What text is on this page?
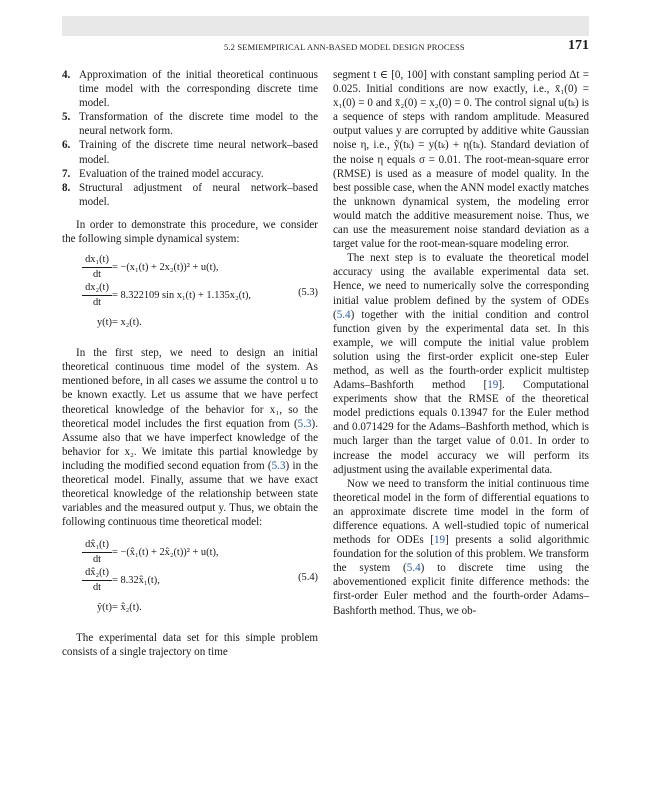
5.2 SEMIEMPIRICAL ANN-BASED MODEL DESIGN PROCESS	171
4. Approximation of the initial theoretical continuous time model with the corresponding discrete time model.
5. Transformation of the discrete time model to the neural network form.
6. Training of the discrete time neural network–based model.
7. Evaluation of the trained model accuracy.
8. Structural adjustment of neural network–based model.

In order to demonstrate this procedure, we consider the following simple dynamical system:

$\frac{\text{dx₁(t)}}{dt} = -(x_1(t) + 2x_2(t))^2 + u(t)$,
$\frac{\text{dx₂(t)}}{dt} = 8.322109$ sin x₁(t) + 1.135x₂(t),
y(t) = x₂(t).
(5.3)

In the first step, we need to design an initial theoretical continuous time model of the system. As mentioned before, in all cases we assume the control u to be known exactly. Let us assume that we have perfect theoretical knowledge of the behavior for x₁, so the theoretical model includes the first equation from (5.3). Assume also that we have imperfect knowledge of the behavior for x₂. We imitate this partial knowledge by including the modified second equation from (5.3) in the theoretical model. Finally, assume that we have exact theoretical knowledge of the relationship between state variables and the measured output y. Thus, we obtain the following continuous time theoretical model:

$\frac{\text{dx̂₁(t)}}{dt}$ = −(x̂₁(t) + 2x̂₂(t))² + u(t),
$\frac{\text{dx̂₂(t)}}{dt}$ = 8.32x̂₁(t),
ŷ(t) = x̂₂(t).
(5.4)

The experimental data set for this simple problem consists of a single trajectory on time

segment t ∈ [0, 100] with constant sampling period Δt = 0.025. Initial conditions are now exactly, i.e., x̄₁(0) = x₁(0) = 0 and x̄₂(0) = x₂(0) = 0. The control signal u(tₖ) is a sequence of steps with random amplitude. Measured output values y are corrupted by additive white Gaussian noise η, i.e., ỹ(tₖ) = y(tₖ) + η(tₖ). Standard deviation of the noise η equals σ = 0.01. The root-mean-square error (RMSE) is used as a measure of model quality. In the best possible case, when the ANN model exactly matches the unknown dynamical system, the modeling error would match the additive measurement noise. Thus, we can use the measurement noise standard deviation as a target value for the root-mean-square modeling error.

The next step is to evaluate the theoretical model accuracy using the available experimental data set. Hence, we need to numerically solve the corresponding initial value problem defined by the system of ODEs (5.4) together with the initial condition and control function given by the experimental data set. In this example, we will compute the initial value problem solution using the first-order explicit one-step Euler method, as well as the fourth-order explicit multistep Adams–Bashforth method [19]. Computational experiments show that the RMSE of the theoretical model predictions equals 0.13947 for the Euler method and 0.071429 for the Adams–Bashforth method, which is much larger than the target value of 0.01. In order to increase the model accuracy we will perform its adjustment using the available experimental data.

Now we need to transform the initial continuous time theoretical model in the form of differential equations to an approximate discrete time model in the form of difference equations. A well-studied topic of numerical methods for ODEs [19] presents a solid algorithmic foundation for the solution of this problem. We transform the system (5.4) to discrete time using the abovementioned explicit finite difference methods: the first-order Euler method and the fourth-order Adams–Bashforth method. Thus, we ob-
